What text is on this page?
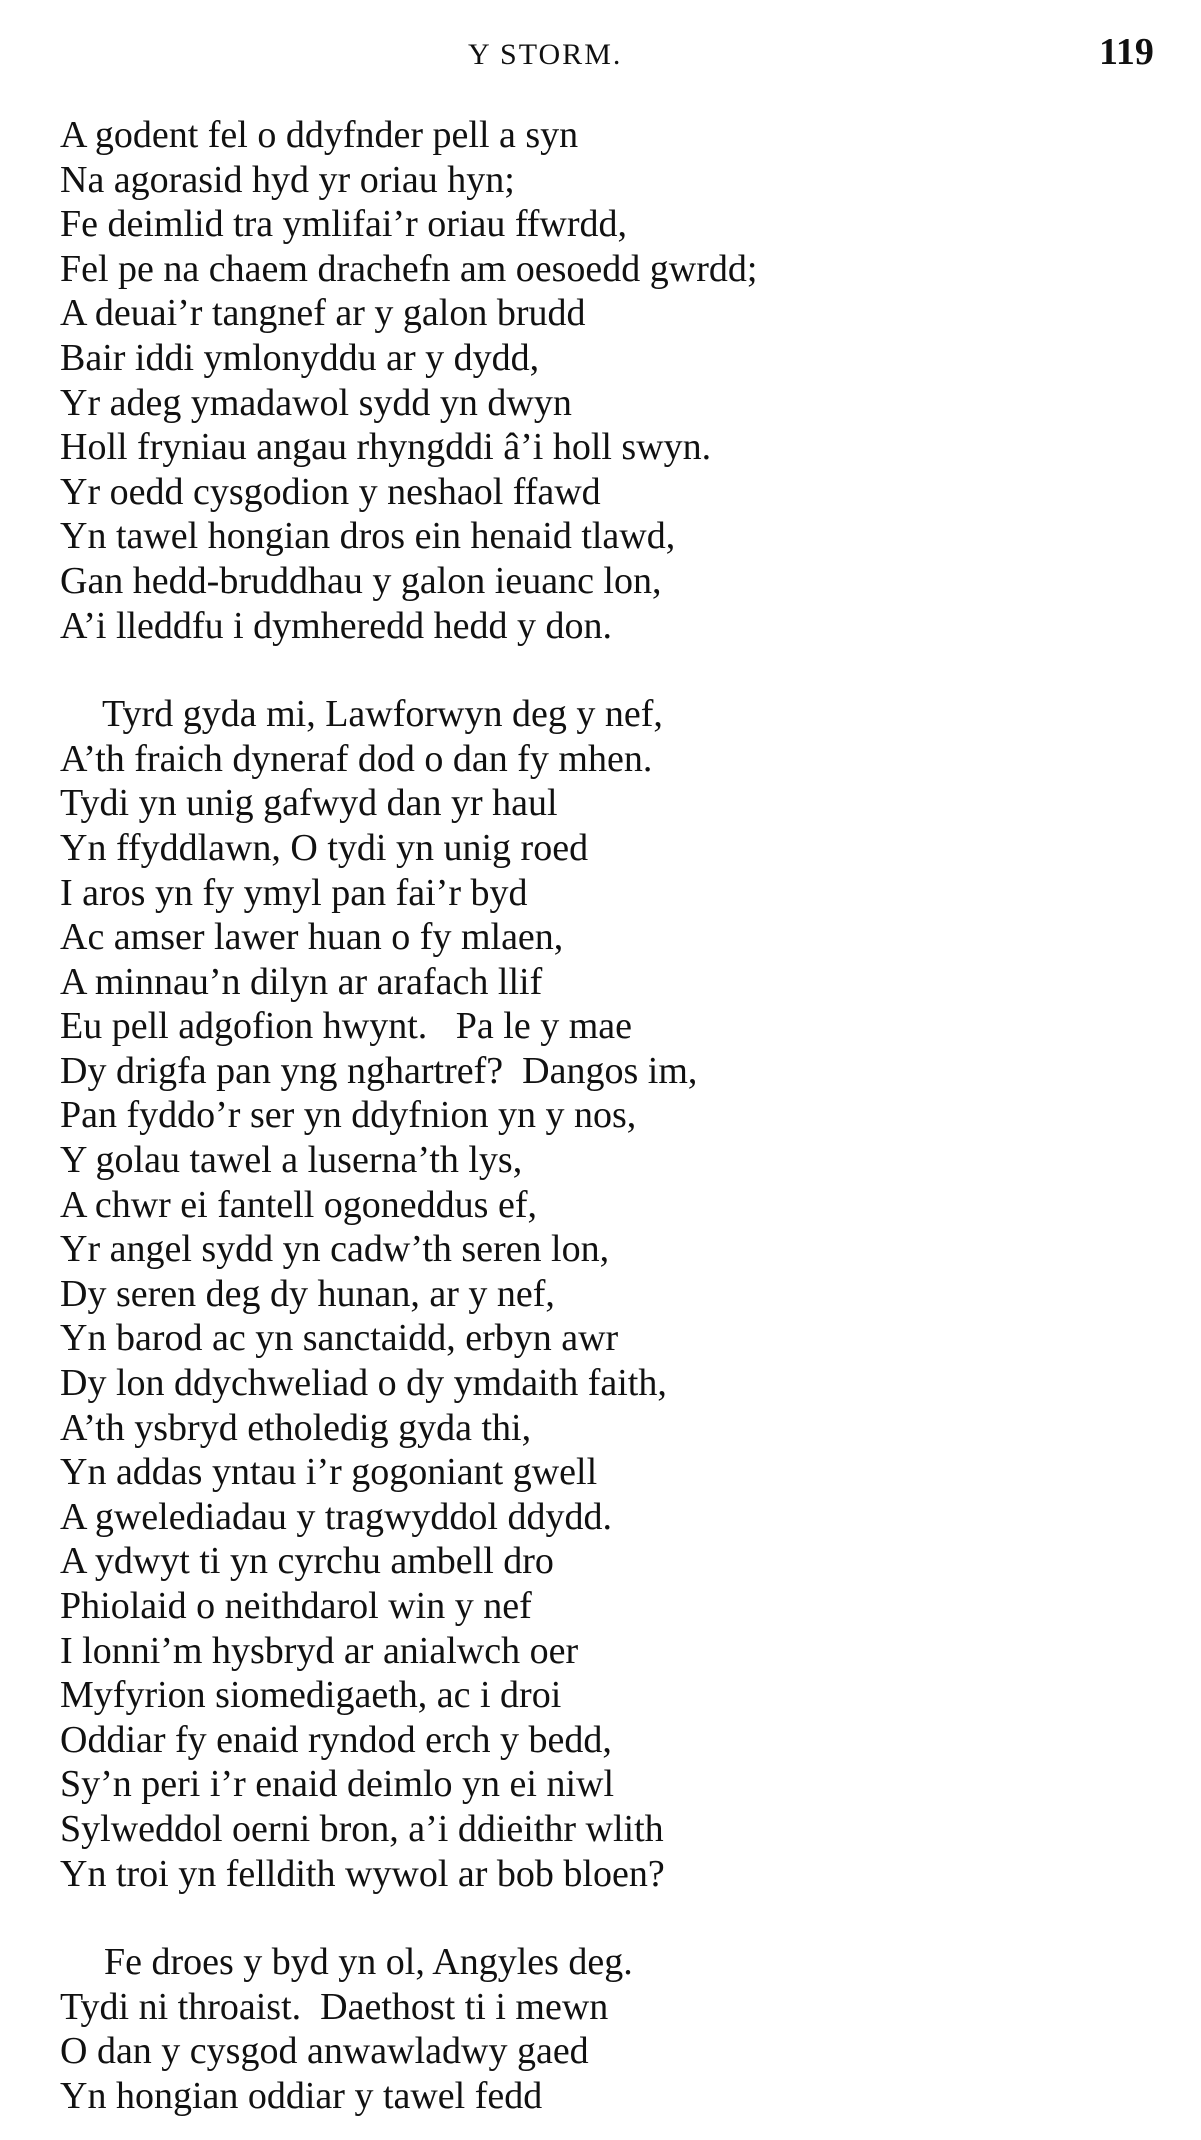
Y STORM.	119
A godent fel o ddyfnder pell a syn
Na agorasid hyd yr oriau hyn;
Fe deimlid tra ymlifai’r oriau ffwrdd,
Fel pe na chaem drachefn am oesoedd gwrdd;
A deuai’r tangnef ar y galon brudd
Bair iddi ymlonyddu ar y dydd,
Yr adeg ymadawol sydd yn dwyn
Holl fryniau angau rhyngddi â’i holl swyn.
Yr oedd cysgodion y neshaol ffawd
Yn tawel hongian dros ein henaid tlawd,
Gan hedd-bruddhau y galon ieuanc lon,
A’i lleddfu i dymheredd hedd y don.
Tyrd gyda mi, Lawforwyn deg y nef,
A’th fraich dyneraf dod o dan fy mhen.
Tydi yn unig gafwyd dan yr haul
Yn ffyddlawn, O tydi yn unig roed
I aros yn fy ymyl pan fai’r byd
Ac amser lawer huan o fy mlaen,
A minnau’n dilyn ar arafach llif
Eu pell adgofion hwynt.   Pa le y mae
Dy drigfa pan yng nghartref?  Dangos im,
Pan fyddo’r ser yn ddyfnion yn y nos,
Y golau tawel a luserna’th lys,
A chwr ei fantell ogoneddus ef,
Yr angel sydd yn cadw’th seren lon,
Dy seren deg dy hunan, ar y nef,
Yn barod ac yn sanctaidd, erbyn awr
Dy lon ddychweliad o dy ymdaith faith,
A’th ysbryd etholedig gyda thi,
Yn addas yntau i’r gogoniant gwell
A gwelediadau y tragwyddol ddydd.
A ydwyt ti yn cyrchu ambell dro
Phiolaid o neithdarol win y nef
I lonni’m hysbryd ar anialwch oer
Myfyrion siomedigaeth, ac i droi
Oddiar fy enaid ryndod erch y bedd,
Sy’n peri i’r enaid deimlo yn ei niwl
Sylweddol oerni bron, a’i ddieithr wlith
Yn troi yn felldith wywol ar bob bloen?
Fe droes y byd yn ol, Angyles deg.
Tydi ni throaist.  Daethost ti i mewn
O dan y cysgod anwawladwy gaed
Yn hongian oddiar y tawel fedd
